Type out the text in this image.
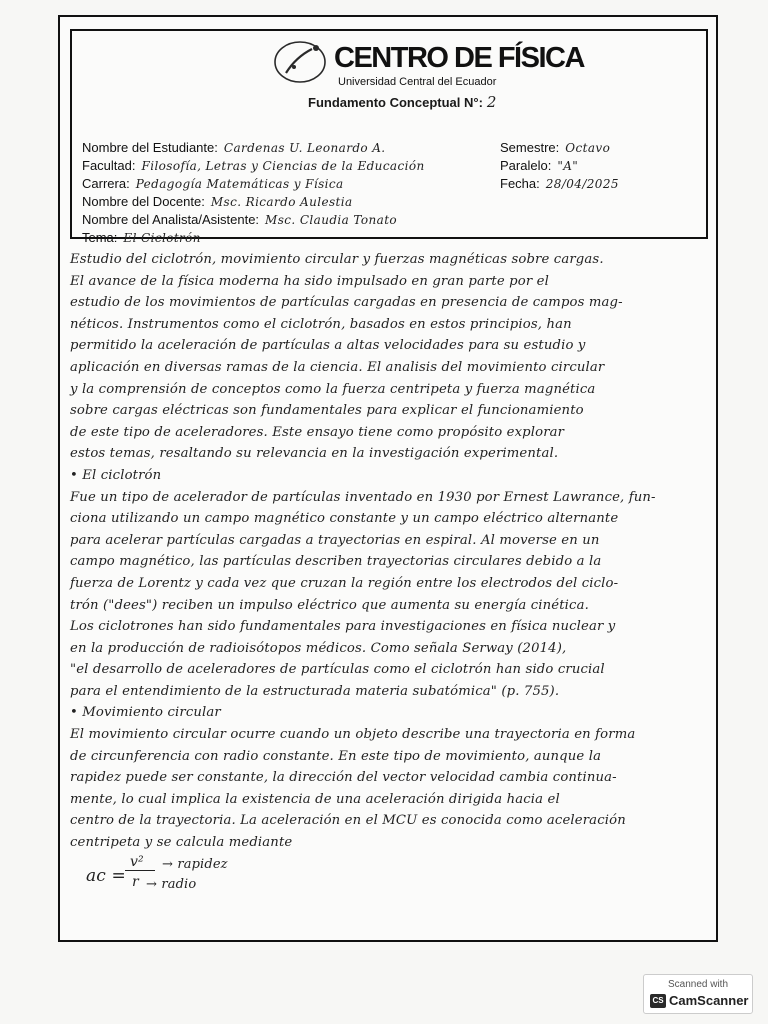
CENTRO DE FÍSICA
Universidad Central del Ecuador
Fundamento Conceptual N°: 2
Nombre del Estudiante: Cardenas U. Leonardo A.
Facultad: Filosofía, Letras y Ciencias de la Educación
Carrera: Pedagogía Matemáticas y Física
Nombre del Docente: Msc. Ricardo Aulestia
Nombre del Analista/Asistente: Msc. Claudia Tonato
Tema: El Ciclotrón
Semestre: Octavo
Paralelo: "A"
Fecha: 28/04/2025

Estudio del ciclotrón, movimiento circular y fuerzas magnéticas sobre cargas.

El avance de la física moderna ha sido impulsado en gran parte por el

estudio de los movimientos de partículas cargadas en presencia de campos mag-

néticos. Instrumentos como el ciclotrón, basados en estos principios, han

permitido la aceleración de partículas a altas velocidades para su estudio y

aplicación en diversas ramas de la ciencia. El analisis del movimiento circular

y la comprensión de conceptos como la fuerza centripeta y fuerza magnética

sobre cargas eléctricas son fundamentales para explicar el funcionamiento

de este tipo de aceleradores. Este ensayo tiene como propósito explorar

estos temas, resaltando su relevancia en la investigación experimental.

• El ciclotrón

Fue un tipo de acelerador de partículas inventado en 1930 por Ernest Lawrance, fun-

ciona utilizando un campo magnético constante y un campo eléctrico alternante

para acelerar partículas cargadas a trayectorias en espiral. Al moverse en un

campo magnético, las partículas describen trayectorias circulares debido a la

fuerza de Lorentz y cada vez que cruzan la región entre los electrodos del ciclo-

trón ("dees") reciben un impulso eléctrico que aumenta su energía cinética.

Los ciclotrones han sido fundamentales para investigaciones en física nuclear y

en la producción de radioisótopos médicos. Como señala Serway (2014),

"el desarrollo de aceleradores de partículas como el ciclotrón han sido crucial

para el entendimiento de la estructurada materia subatómica" (p. 755).

• Movimiento circular

El movimiento circular ocurre cuando un objeto describe una trayectoria en forma

de circunferencia con radio constante. En este tipo de movimiento, aunque la

rapidez puede ser constante, la dirección del vector velocidad cambia continua-

mente, lo cual implica la existencia de una aceleración dirigida hacia el

centro de la trayectoria. La aceleración en el MCU es conocida como aceleración

centripeta y se calcula mediante

ac =
v²
r
→ rapidez
→ radio
Scanned with
CS CamScanner
